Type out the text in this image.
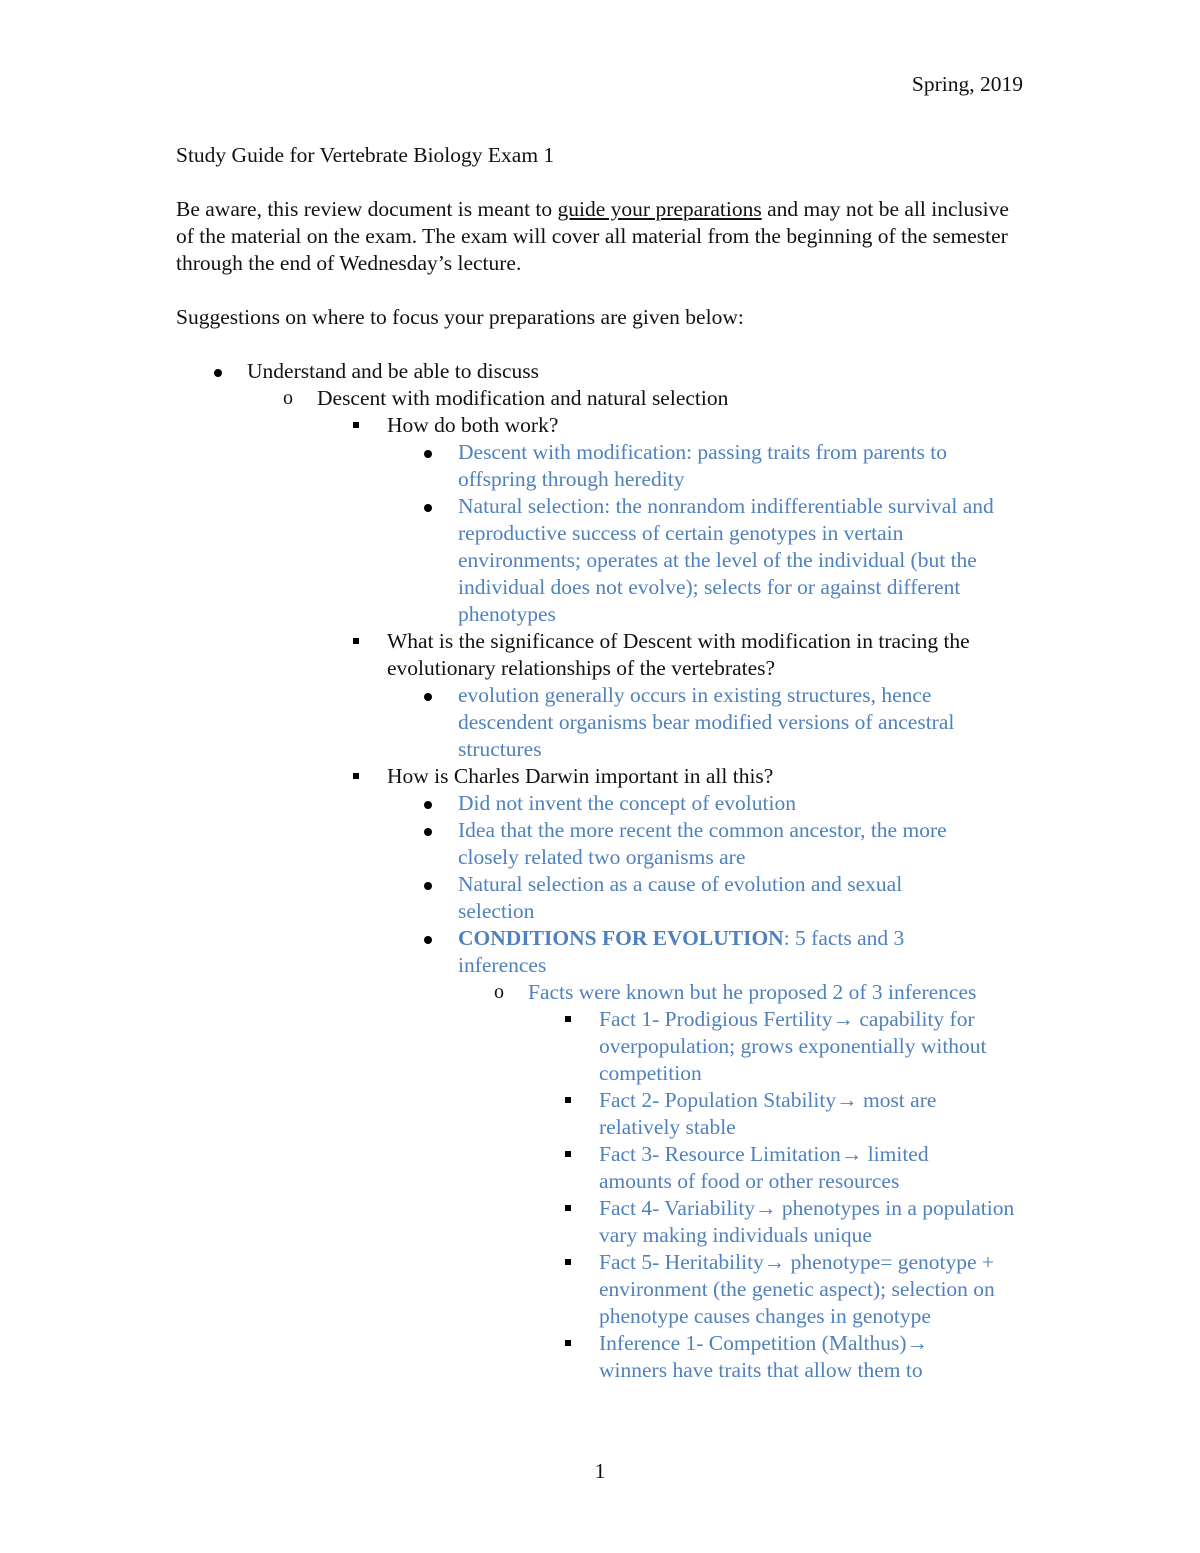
Spring, 2019

Study Guide for Vertebrate Biology Exam 1

Be aware, this review document is meant to guide your preparations and may not be all inclusive of the material on the exam. The exam will cover all material from the beginning of the semester through the end of Wednesday’s lecture.

Suggestions on where to focus your preparations are given below:

Understand and be able to discuss
o Descent with modification and natural selection
How do both work?
Descent with modification: passing traits from parents to offspring through heredity
Natural selection: the nonrandom indifferentiable survival and reproductive success of certain genotypes in vertain environments; operates at the level of the individual (but the individual does not evolve); selects for or against different phenotypes
What is the significance of Descent with modification in tracing the evolutionary relationships of the vertebrates?
evolution generally occurs in existing structures, hence descendent organisms bear modified versions of ancestral structures
How is Charles Darwin important in all this?
Did not invent the concept of evolution
Idea that the more recent the common ancestor, the more closely related two organisms are
Natural selection as a cause of evolution and sexual selection
CONDITIONS FOR EVOLUTION: 5 facts and 3 inferences
o Facts were known but he proposed 2 of 3 inferences
Fact 1- Prodigious Fertility→ capability for overpopulation; grows exponentially without competition
Fact 2- Population Stability→ most are relatively stable
Fact 3- Resource Limitation→ limited amounts of food or other resources
Fact 4- Variability→ phenotypes in a population vary making individuals unique
Fact 5- Heritability→ phenotype= genotype + environment (the genetic aspect); selection on phenotype causes changes in genotype
Inference 1- Competition (Malthus)→ winners have traits that allow them to
1
